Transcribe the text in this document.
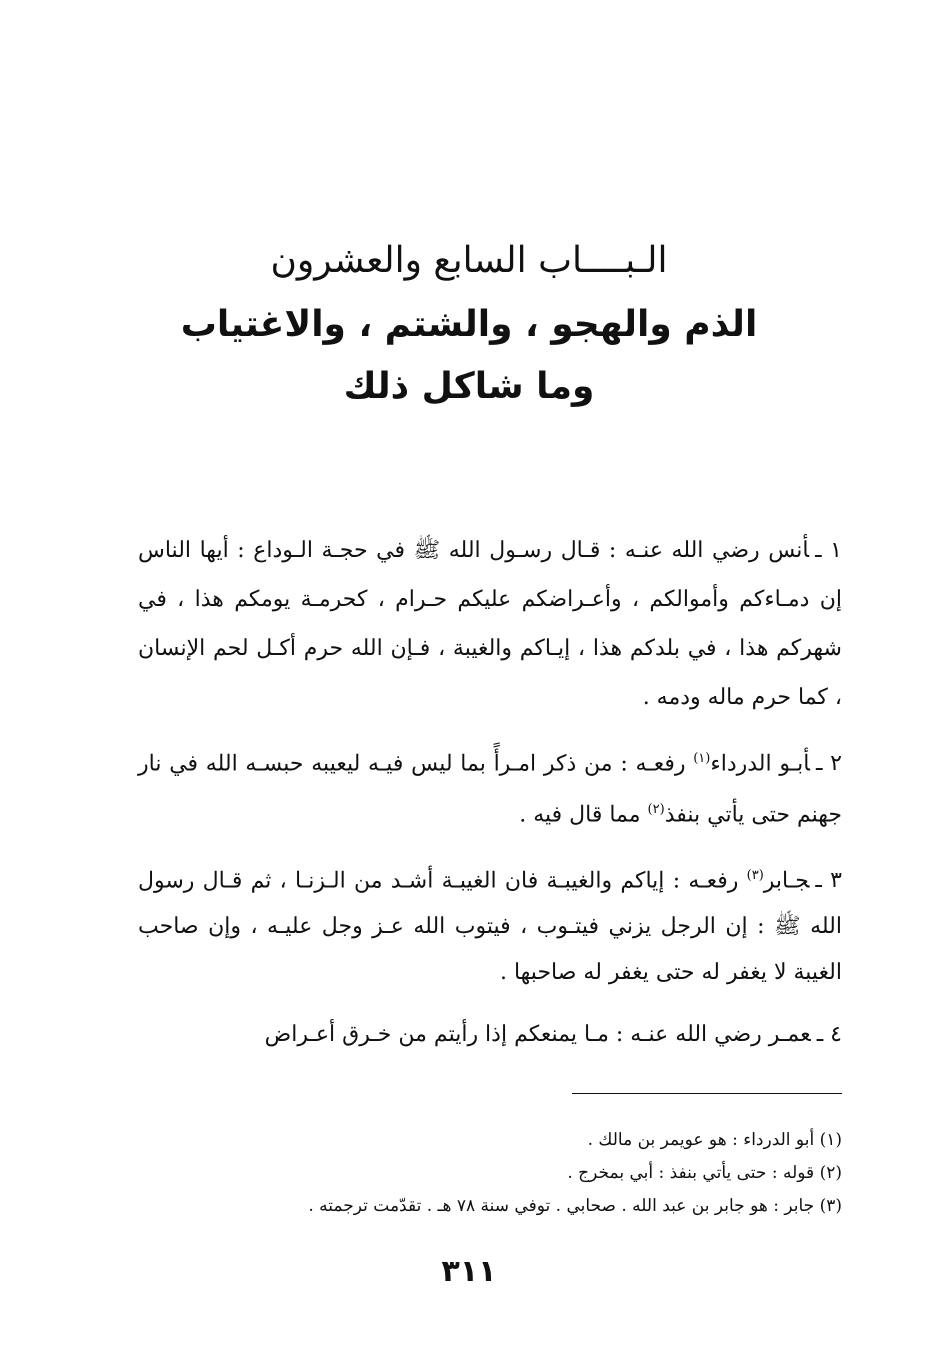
الـبــــاب السابع والعشرون
الذم والهجو ، والشتم ، والاغتياب
وما شاكل ذلك

١ ـأنس رضي الله عنـه : قـال رسـول الله ﷺ في حجـة الـوداع : أيها الناس إن دمـاءكم وأموالكم ، وأعـراضكم عليكم حـرام ، كحرمـة يومكم هذا ، في شهركم هذا ، في بلدكم هذا ، إيـاكم والغيبة ، فـإن الله حرم أكـل لحم الإنسان ، كما حرم ماله ودمه .

٢ ـأبـو الدرداء$^{(١)}$ رفعـه : من ذكر امـرأً بما ليس فيـه ليعيبه حبسـه الله في نار جهنم حتى يأتي بنفذ$^{(٢)}$ مما قال فيه .

٣ ـجـابر$^{(٣)}$ رفعـه : إياكم والغيبـة فان الغيبـة أشـد من الـزنـا ، ثم قـال رسول الله ﷺ : إن الرجل يزني فيتـوب ، فيتوب الله عـز وجل عليـه ، وإن صاحب الغيبة لا يغفر له حتى يغفر له صاحبها .

٤ ـعمـر رضي الله عنـه : مـا يمنعكم إذا رأيتم من خـرق أعـراض

(١) أبو الدرداء : هو عويمر بن مالك .

(٢) قوله : حتى يأتي بنفذ : أبي بمخرج .

(٣) جابر : هو جابر بن عبد الله . صحابي . توفي سنة ٧٨ هـ . تقدّمت ترجمته .

٣١١
